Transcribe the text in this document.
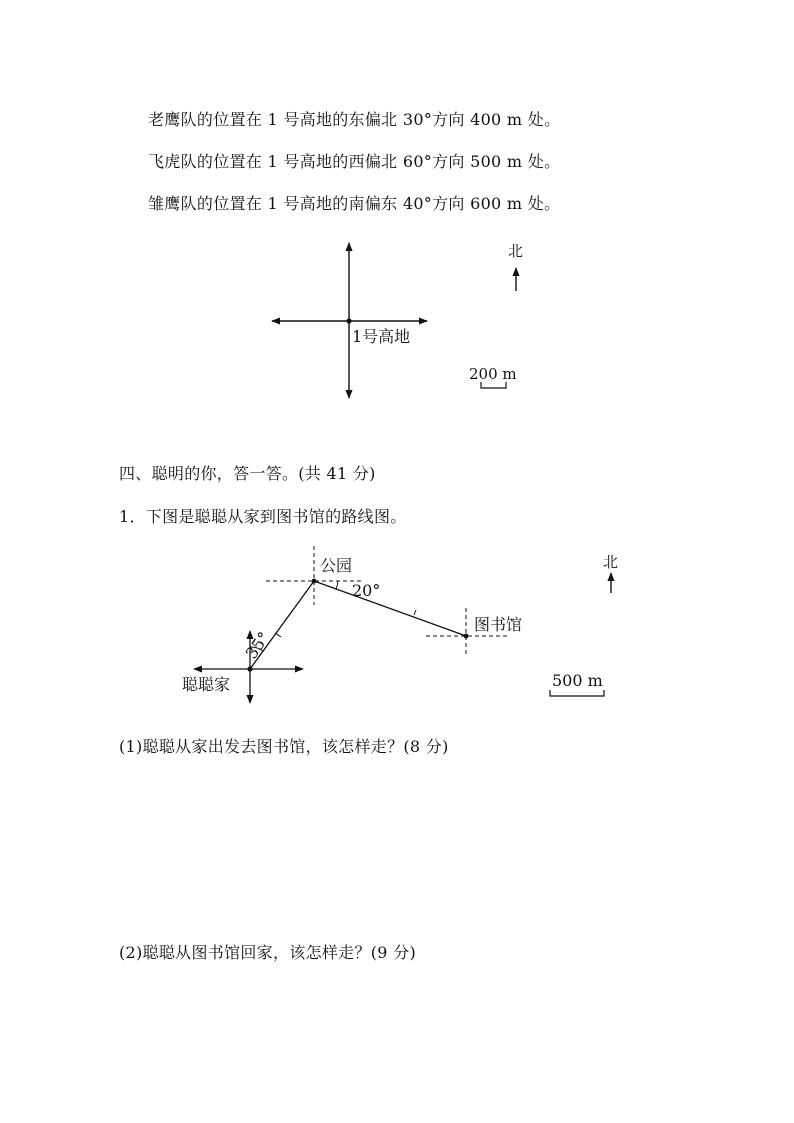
老鹰队的位置在 1 号高地的东偏北 30°方向 400 m 处。
飞虎队的位置在 1 号高地的西偏北 60°方向 500 m 处。
雏鹰队的位置在 1 号高地的南偏东 40°方向 600 m 处。
1号高地
北
200 m
四、聪明的你，答一答。(共 41 分)
1．下图是聪聪从家到图书馆的路线图。
公园
图书馆
聪聪家
35°
20°
北
500 m
(1)聪聪从家出发去图书馆，该怎样走？(8 分)
(2)聪聪从图书馆回家，该怎样走？(9 分)
